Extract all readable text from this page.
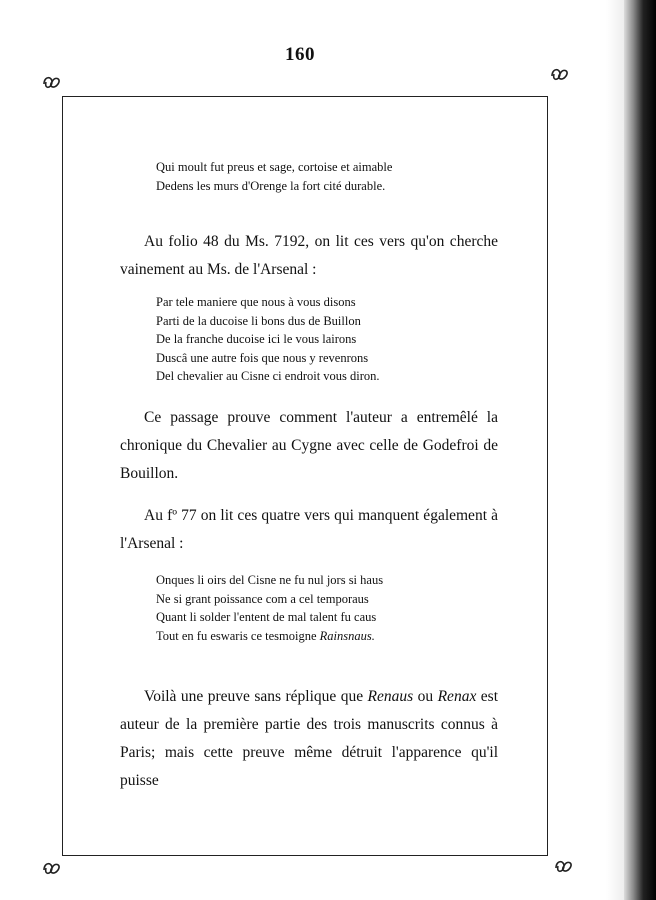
160
Qui moult fut preus et sage, cortoise et aimable
Dedens les murs d'Orenge la fort cité durable.

Au folio 48 du Ms. 7192, on lit ces vers qu'on cherche vainement au Ms. de l'Arsenal :

Par tele maniere que nous à vous disons
Parti de la ducoise li bons dus de Buillon
De la franche ducoise ici le vous lairons
Duscâ une autre fois que nous y revenrons
Del chevalier au Cisne ci endroit vous diron.

Ce passage prouve comment l'auteur a entremêlé la chronique du Chevalier au Cygne avec celle de Godefroi de Bouillon.

Au fº 77 on lit ces quatre vers qui manquent également à l'Arsenal :

Onques li oirs del Cisne ne fu nul jors si haus
Ne si grant poissance com a cel temporaus
Quant li solder l'entent de mal talent fu caus
Tout en fu eswaris ce tesmoigne Rainsnaus.

Voilà une preuve sans réplique que Renaus ou Renax est auteur de la première partie des trois manuscrits connus à Paris; mais cette preuve même détruit l'apparence qu'il puisse
